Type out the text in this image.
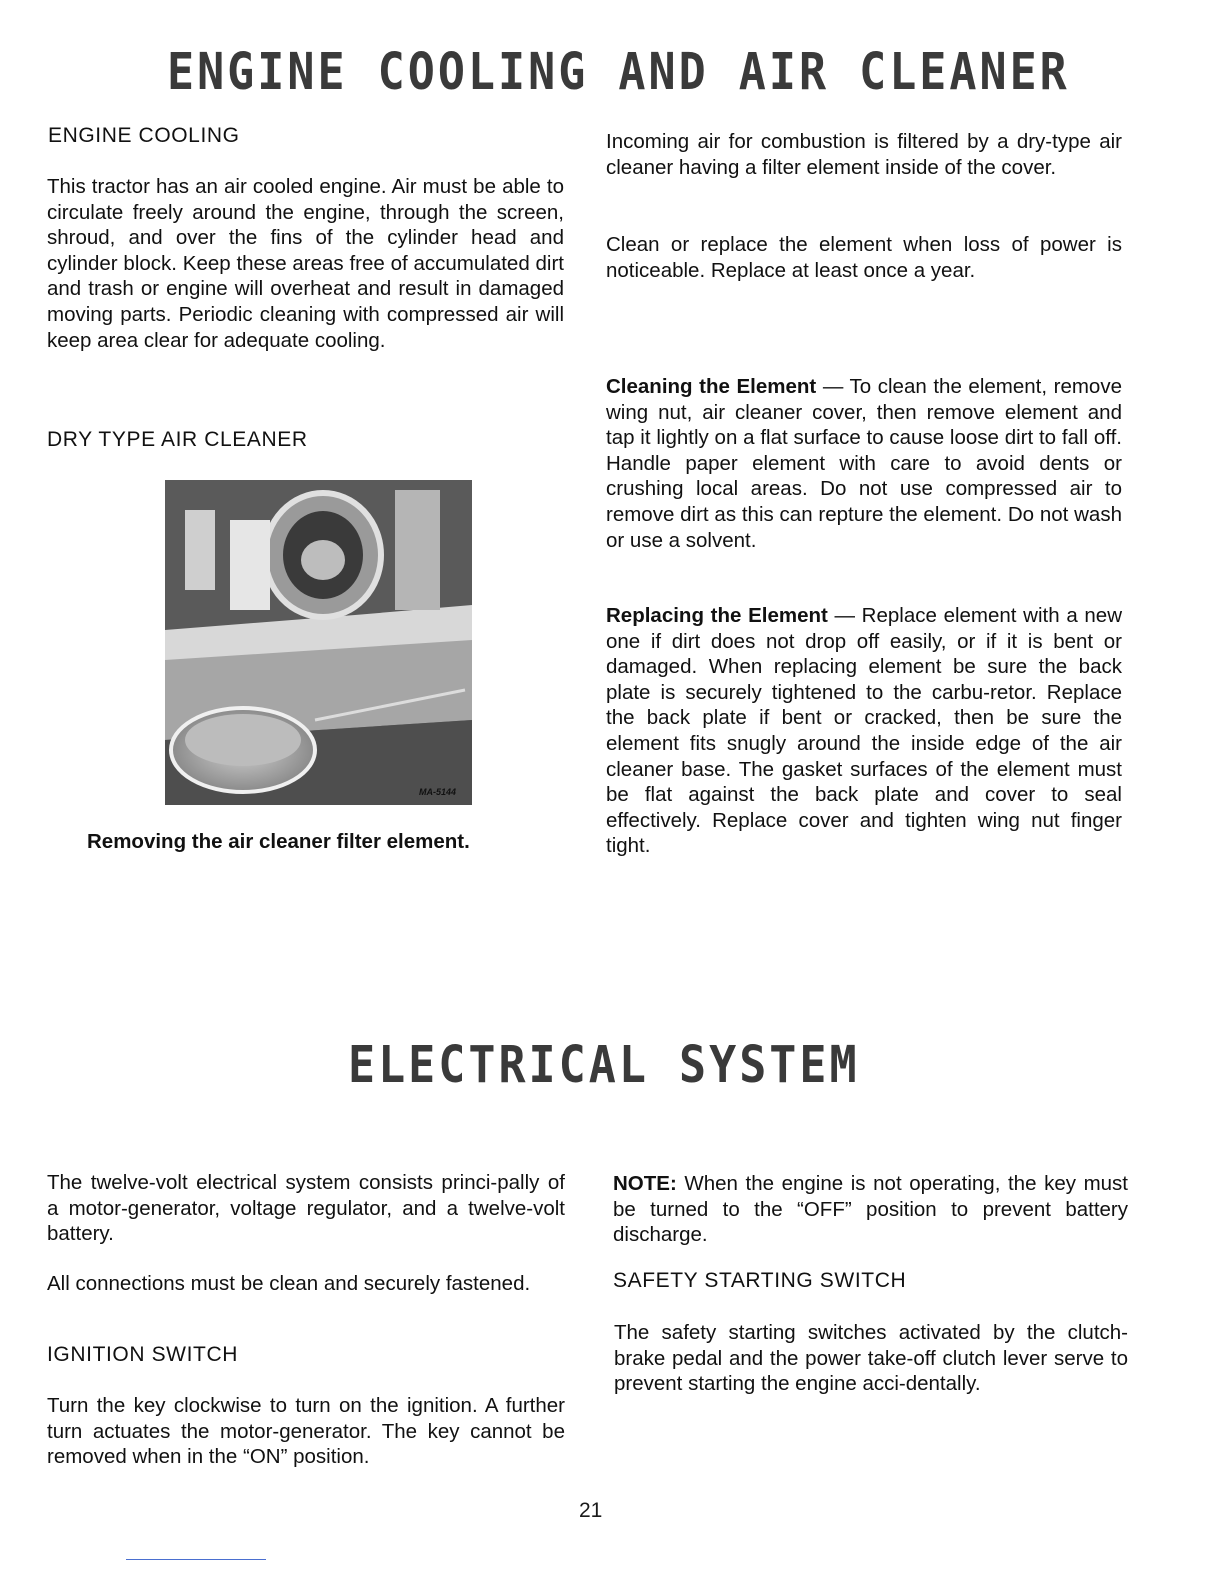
ENGINE COOLING AND AIR CLEANER
ENGINE COOLING

This tractor has an air cooled engine. Air must be able to circulate freely around the engine, through the screen, shroud, and over the fins of the cylinder head and cylinder block. Keep these areas free of accumulated dirt and trash or engine will overheat and result in damaged moving parts. Periodic cleaning with compressed air will keep area clear for adequate cooling.

DRY TYPE AIR CLEANER
MA-5144
Removing the air cleaner filter element.

Incoming air for combustion is filtered by a dry-type air cleaner having a filter element inside of the cover.

Clean or replace the element when loss of power is noticeable. Replace at least once a year.

Cleaning the Element — To clean the element, remove wing nut, air cleaner cover, then remove element and tap it lightly on a flat surface to cause loose dirt to fall off. Handle paper element with care to avoid dents or crushing local areas. Do not use compressed air to remove dirt as this can repture the element. Do not wash or use a solvent.

Replacing the Element — Replace element with a new one if dirt does not drop off easily, or if it is bent or damaged. When replacing element be sure the back plate is securely tightened to the carbu-retor. Replace the back plate if bent or cracked, then be sure the element fits snugly around the inside edge of the air cleaner base. The gasket surfaces of the element must be flat against the back plate and cover to seal effectively. Replace cover and tighten wing nut finger tight.

ELECTRICAL SYSTEM

The twelve-volt electrical system consists princi-pally of a motor-generator, voltage regulator, and a twelve-volt battery.

All connections must be clean and securely fastened.

IGNITION SWITCH

Turn the key clockwise to turn on the ignition. A further turn actuates the motor-generator. The key cannot be removed when in the “ON” position.

NOTE: When the engine is not operating, the key must be turned to the “OFF” position to prevent battery discharge.

SAFETY STARTING SWITCH

The safety starting switches activated by the clutch-brake pedal and the power take-off clutch lever serve to prevent starting the engine acci-dentally.

21
